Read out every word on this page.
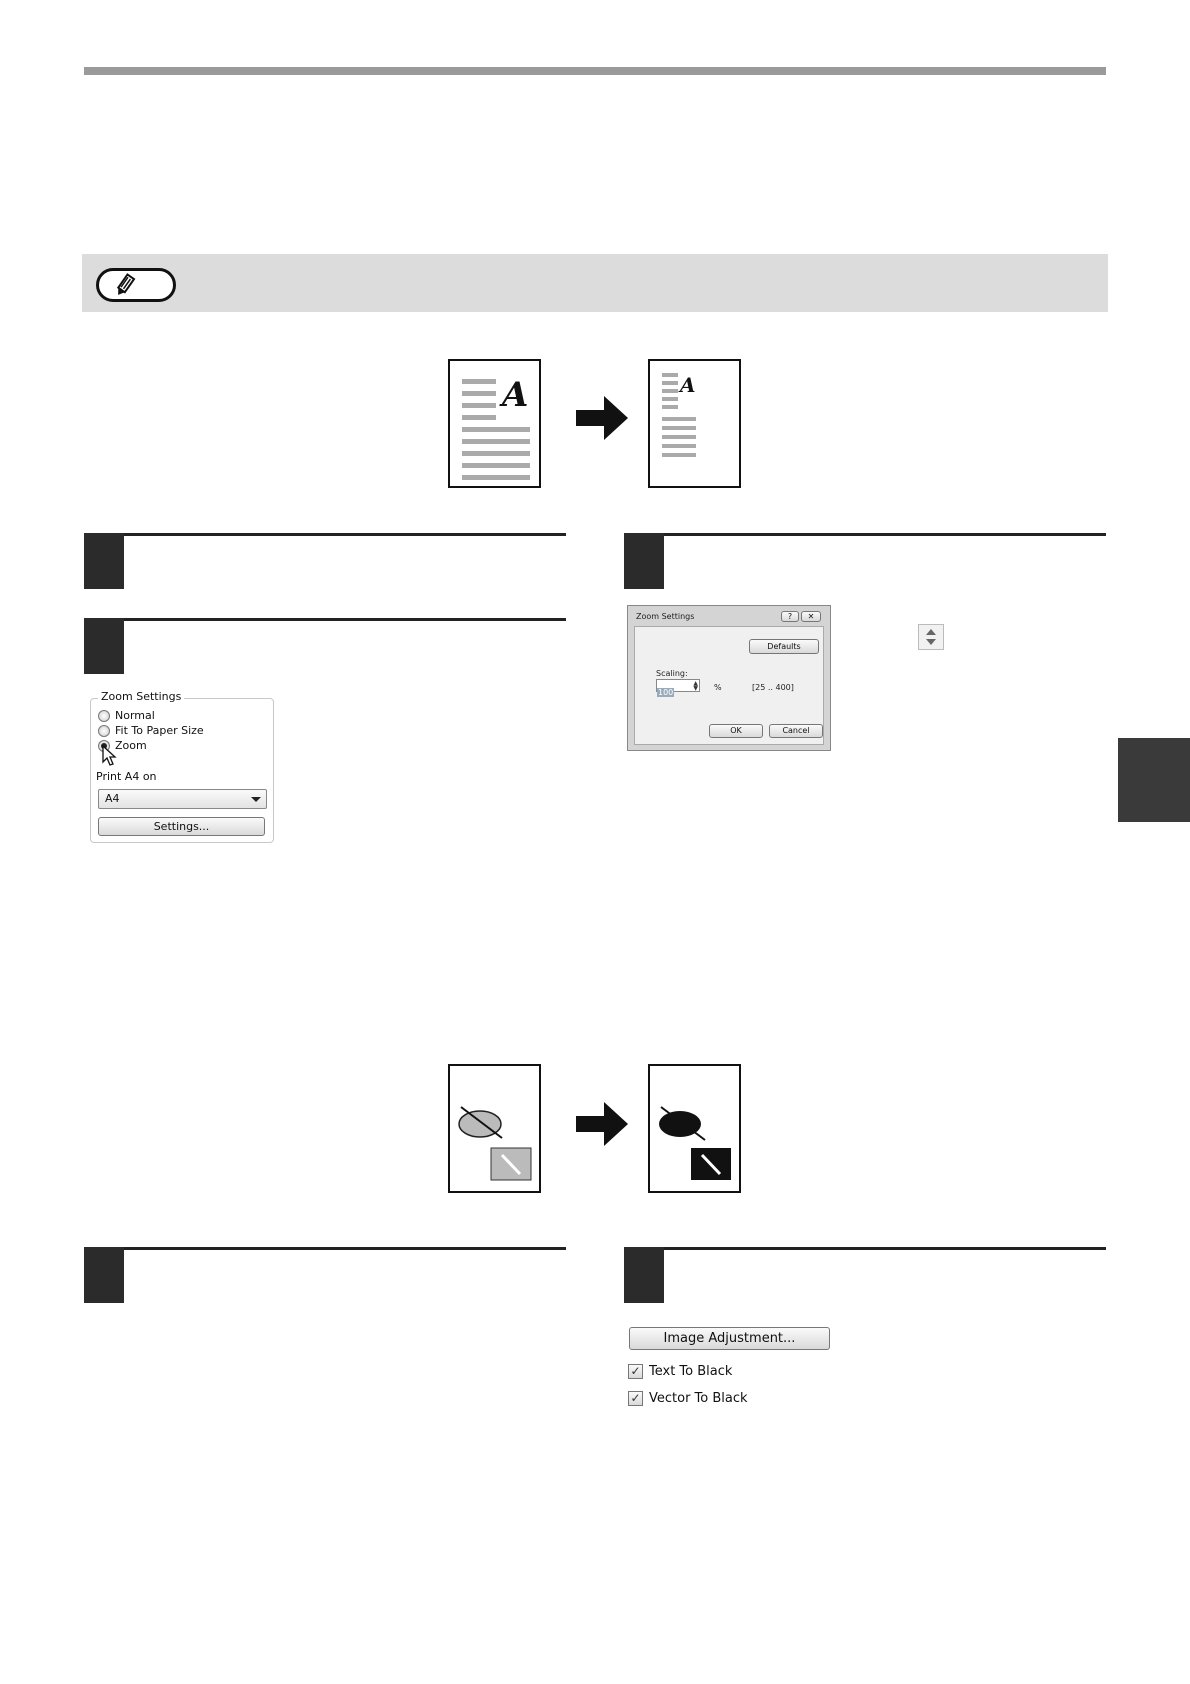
A	A
Zoom Settings
Normal
Fit To Paper Size
Zoom
Print A4 on
A4
Settings...
Zoom Settings	?	✕
Defaults
Scaling:
100
▲
▼ %	[25 .. 400]
OK	Cancel
Image Adjustment...
✓ Text To Black
✓ Vector To Black
